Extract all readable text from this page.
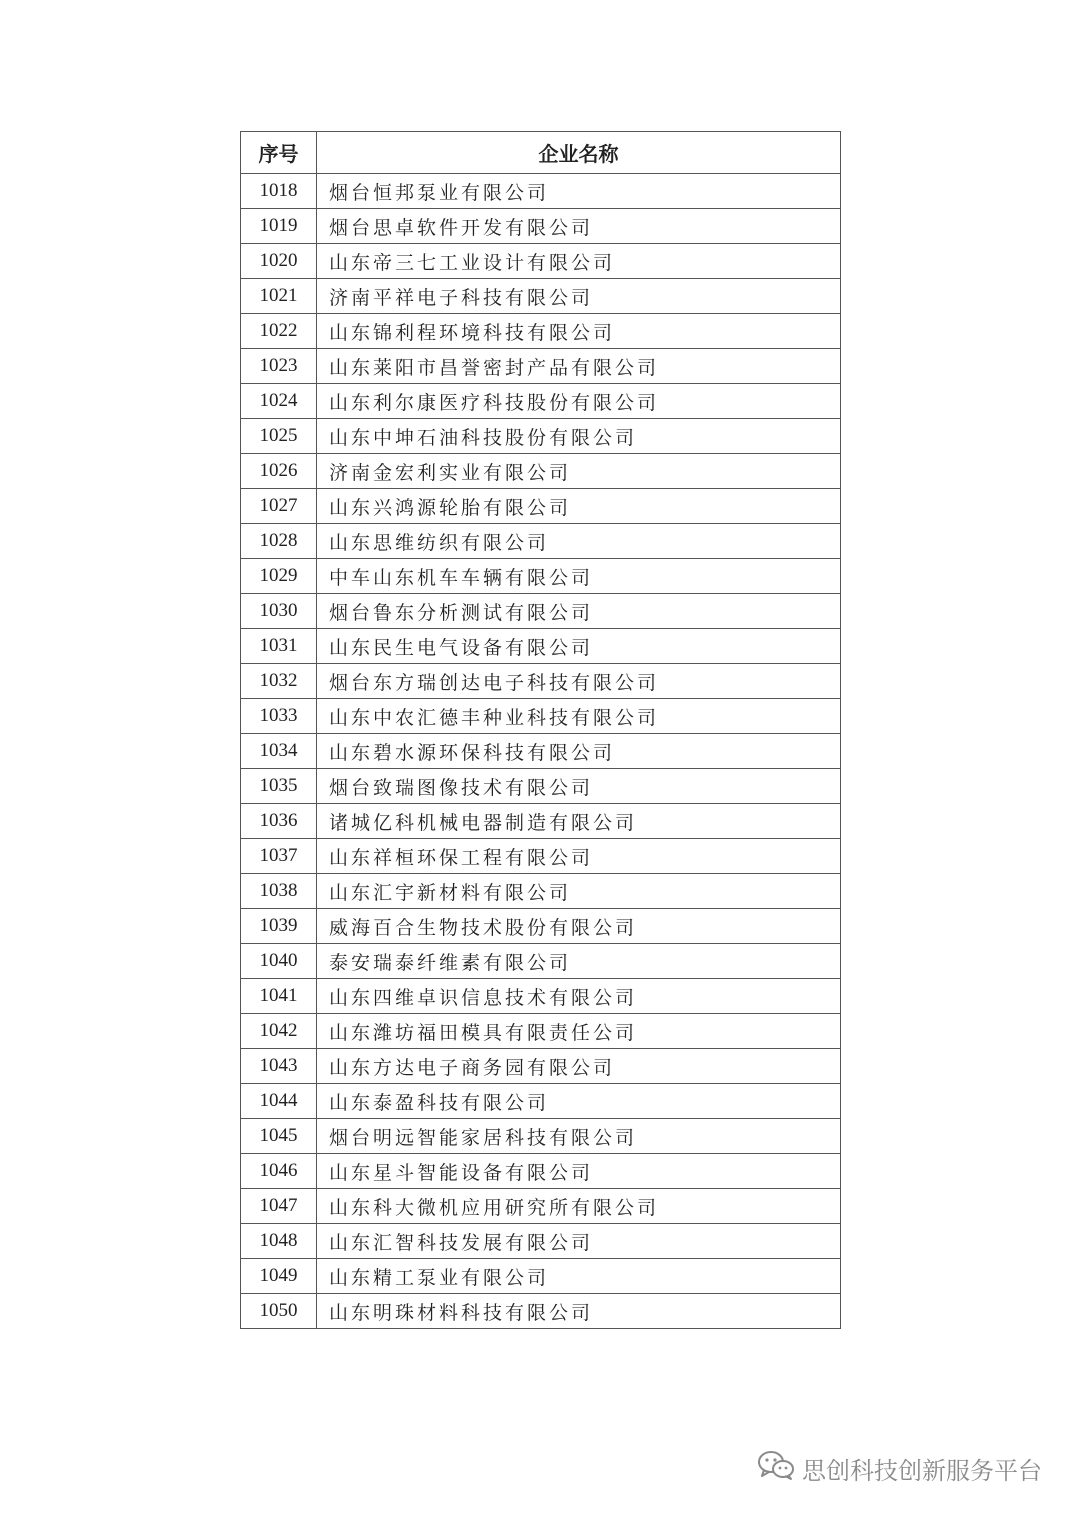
序号	企业名称
1018	烟台恒邦泵业有限公司
1019	烟台思卓软件开发有限公司
1020	山东帝三七工业设计有限公司
1021	济南平祥电子科技有限公司
1022	山东锦利程环境科技有限公司
1023	山东莱阳市昌誉密封产品有限公司
1024	山东利尔康医疗科技股份有限公司
1025	山东中坤石油科技股份有限公司
1026	济南金宏利实业有限公司
1027	山东兴鸿源轮胎有限公司
1028	山东思维纺织有限公司
1029	中车山东机车车辆有限公司
1030	烟台鲁东分析测试有限公司
1031	山东民生电气设备有限公司
1032	烟台东方瑞创达电子科技有限公司
1033	山东中农汇德丰种业科技有限公司
1034	山东碧水源环保科技有限公司
1035	烟台致瑞图像技术有限公司
1036	诸城亿科机械电器制造有限公司
1037	山东祥桓环保工程有限公司
1038	山东汇宇新材料有限公司
1039	威海百合生物技术股份有限公司
1040	泰安瑞泰纤维素有限公司
1041	山东四维卓识信息技术有限公司
1042	山东潍坊福田模具有限责任公司
1043	山东方达电子商务园有限公司
1044	山东泰盈科技有限公司
1045	烟台明远智能家居科技有限公司
1046	山东星斗智能设备有限公司
1047	山东科大微机应用研究所有限公司
1048	山东汇智科技发展有限公司
1049	山东精工泵业有限公司
1050	山东明珠材料科技有限公司
思创科技创新服务平台
